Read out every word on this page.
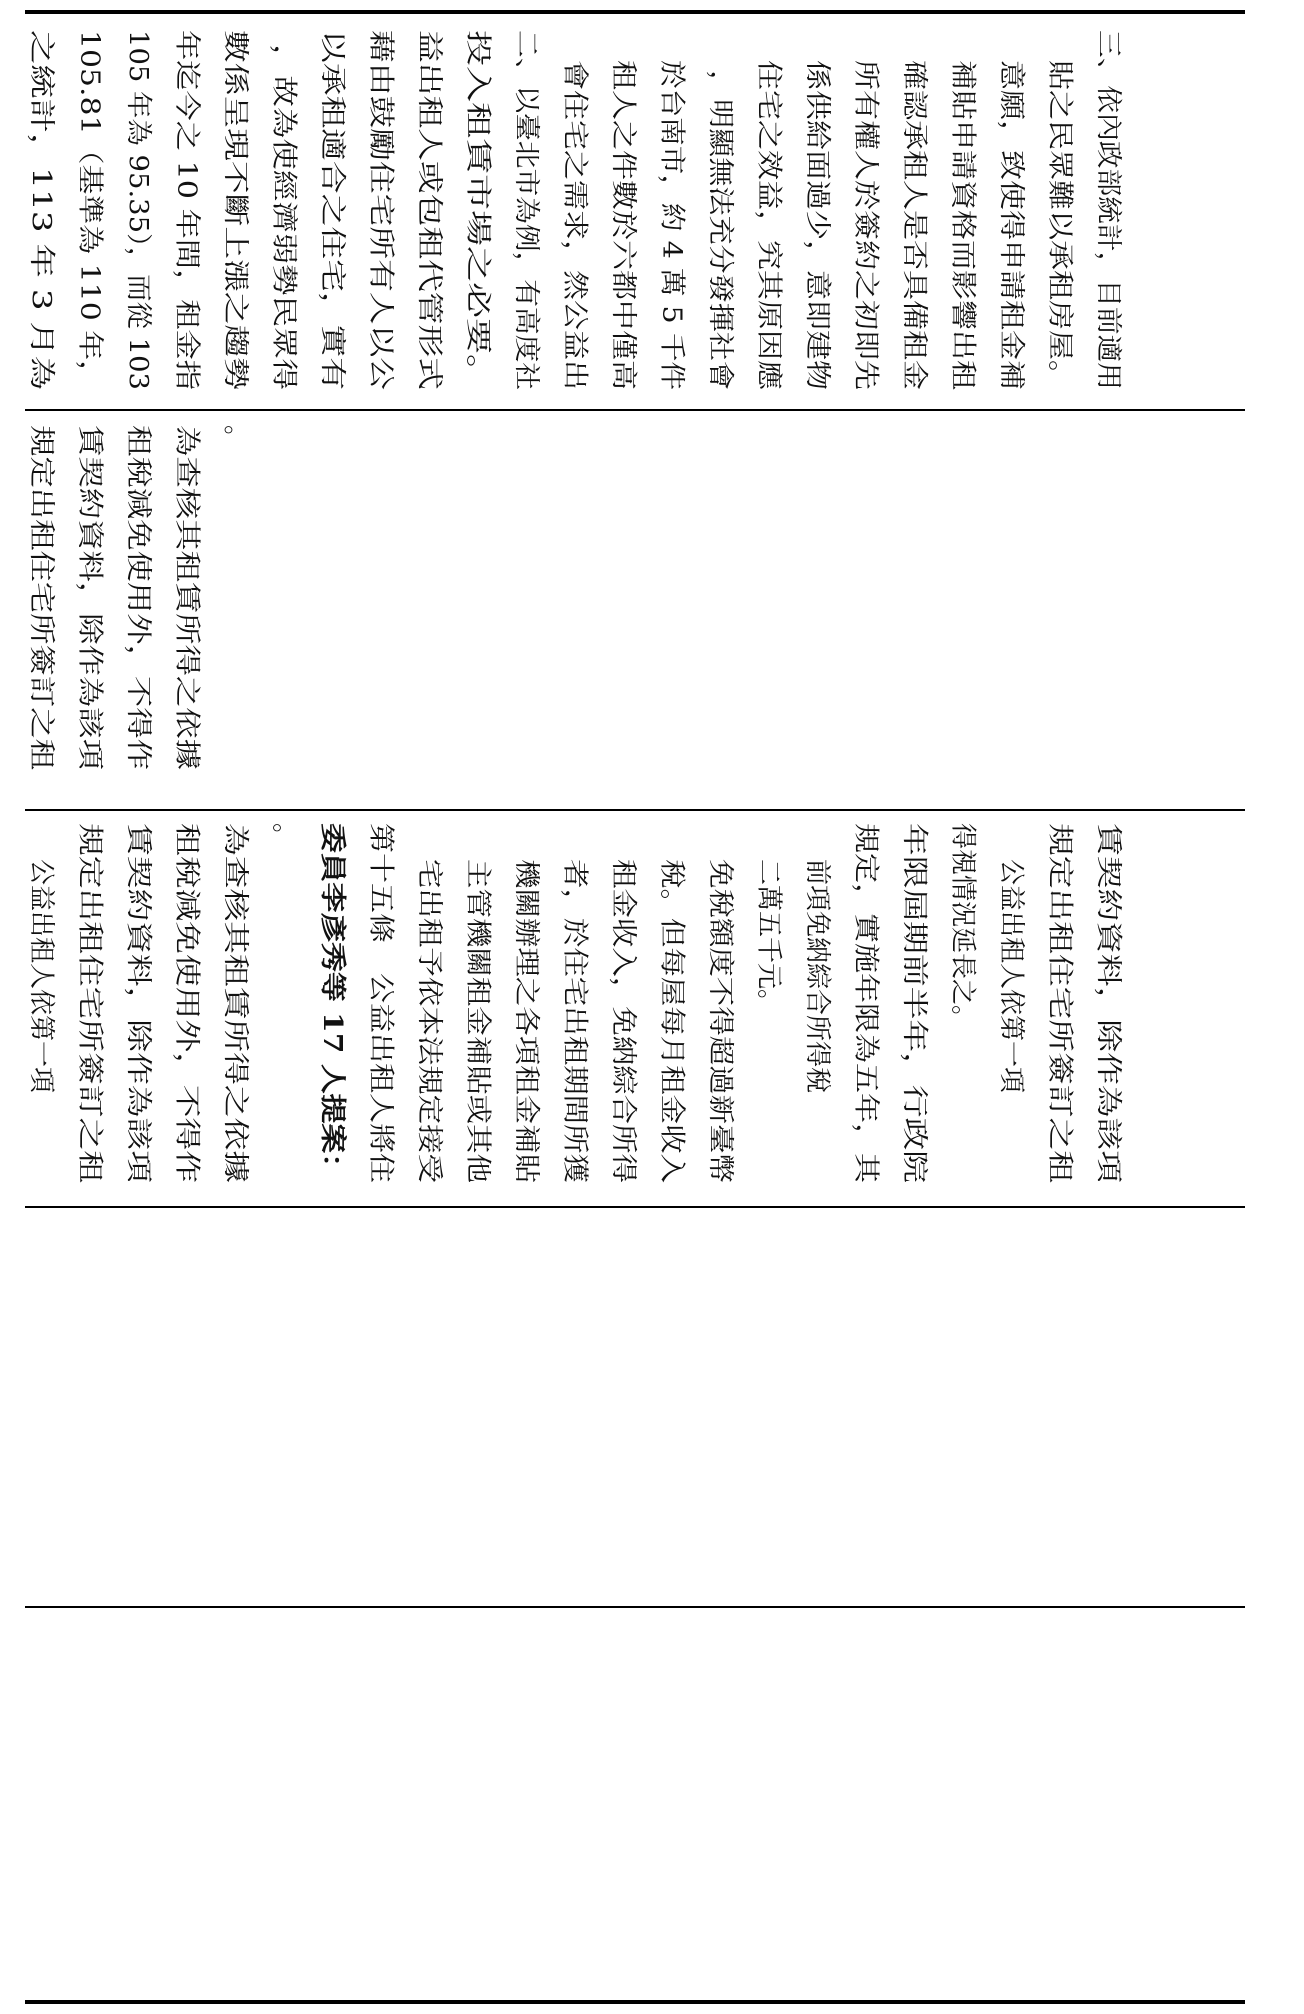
之統計，113 年 3 月為 105.81（基準為 110 年， 105 年為 95.35），而從 103 年迄今之 10 年間，租金指 數係呈現不斷上漲之趨勢 ，故為使經濟弱勢民眾得 以承租適合之住宅，實有 藉由鼓勵住宅所有人以公 益出租人或包租代管形式 投入租賃市場之必要。 二、以臺北市為例，有高度社 會住宅之需求，然公益出 租人之件數於六都中僅高 於台南市，約 4 萬 5 千件 ，明顯無法充分發揮社會 住宅之效益，究其原因應 係供給面過少，意即建物 所有權人於簽約之初即先 確認承租人是否具備租金 補貼申請資格而影響出租 意願，致使得申請租金補 貼之民眾難以承租房屋。 三、依內政部統計，目前適用
規定出租住宅所簽訂之租 賃契約資料，除作為該項 租稅減免使用外，不得作 為查核其租賃所得之依據 。
公益出租人依第一項 規定出租住宅所簽訂之租 賃契約資料，除作為該項 租稅減免使用外，不得作 為查核其租賃所得之依據 。 委員李彥秀等 17 人提案： 第十五條　公益出租人將住 宅出租予依本法規定接受 主管機關租金補貼或其他 機關辦理之各項租金補貼 者，於住宅出租期間所獲 租金收入，免納綜合所得 稅。但每屋每月租金收入 免稅額度不得超過新臺幣 二萬五千元。 前項免納綜合所得稅 規定，實施年限為五年，其 年限屆期前半年，行政院 得視情況延長之。 公益出租人依第一項 規定出租住宅所簽訂之租 賃契約資料，除作為該項
